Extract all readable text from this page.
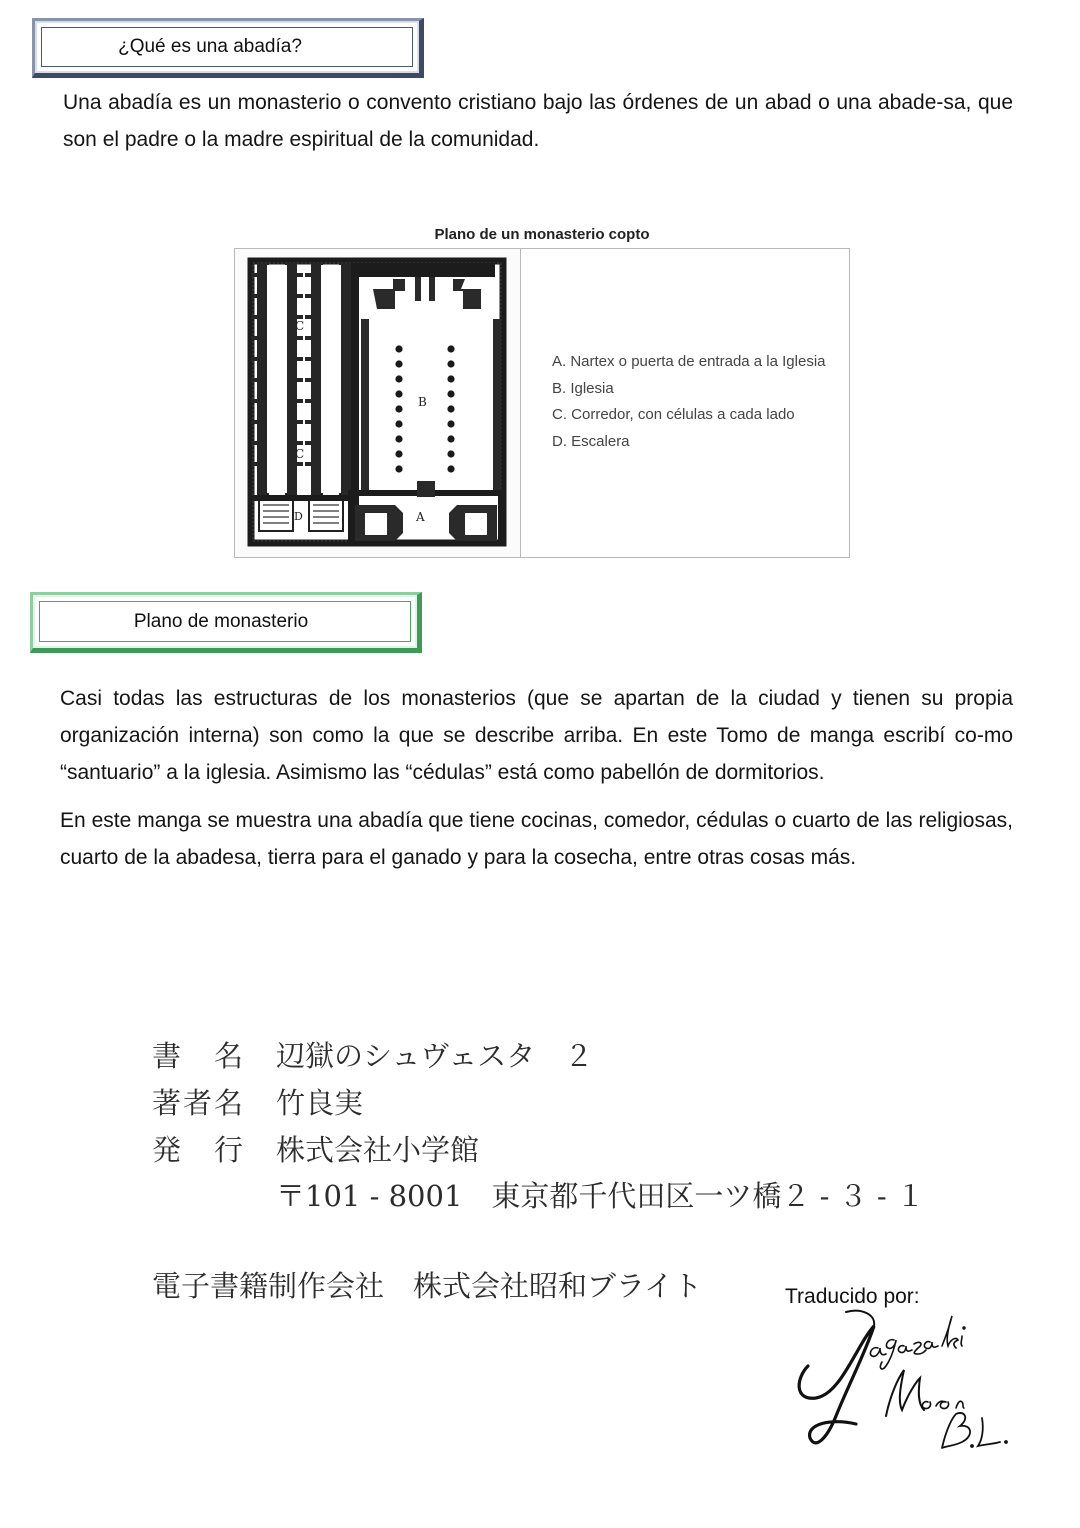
¿Qué es una abadía?

Una abadía es un monasterio o convento cristiano bajo las órdenes de un abad o una abade-sa, que son el padre o la madre espiritual de la comunidad.

Plano de un monasterio copto
C
C
B
D	A
A. Nartex o puerta de entrada a la Iglesia
B. Iglesia
C. Corredor, con células a cada lado
D. Escalera
Plano de monasterio

Casi todas las estructuras de los monasterios (que se apartan de la ciudad y tienen su propia organización interna) son como la que se describe arriba. En este Tomo de manga escribí co-mo “santuario” a la iglesia. Asimismo las “cédulas” está como pabellón de dormitorios.

En este manga se muestra una abadía que tiene cocinas, comedor, cédulas o cuarto de las religiosas, cuarto de la abadesa, tierra para el ganado y para la cosecha, entre otras cosas más.

書　名 辺獄のシュヴェスタ　２
著者名 竹良実
発　行 株式会社小学館
〒101 - 8001　東京都千代田区一ツ橋２ - ３ - １
電子書籍制作会社　株式会社昭和ブライト	Traducido por:
